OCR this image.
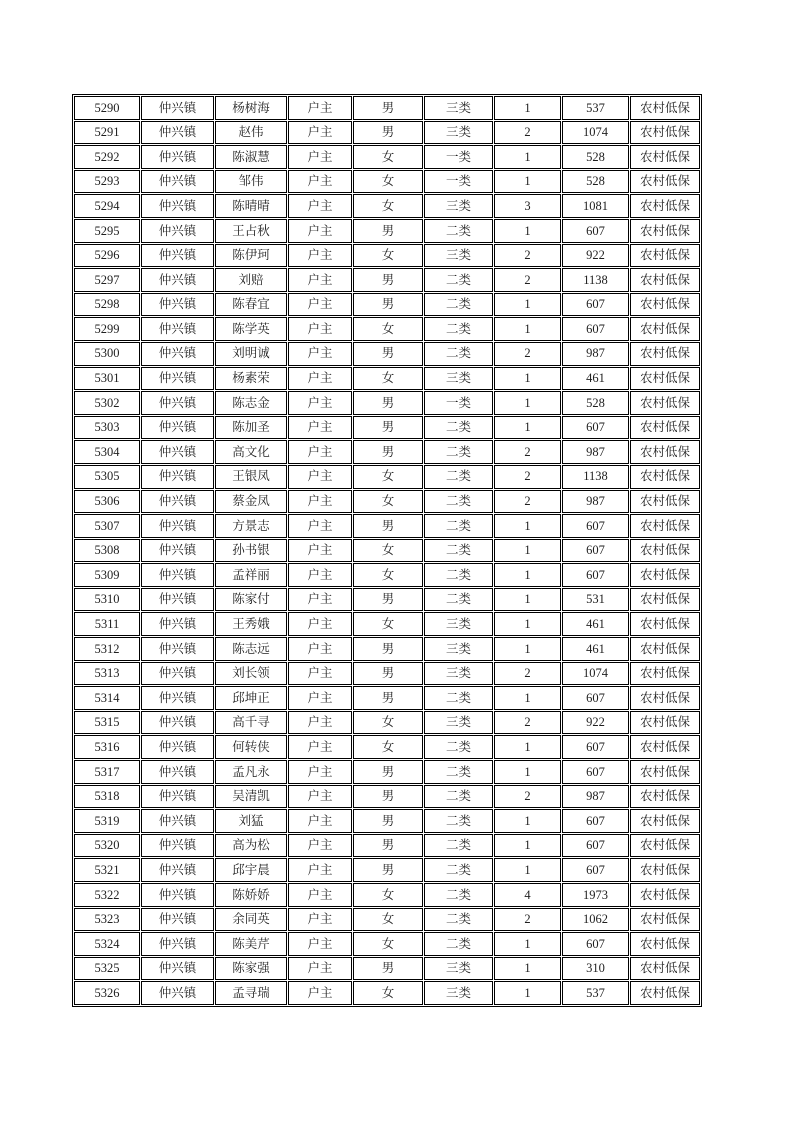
5290	仲兴镇	杨树海	户主	男	三类	1	537	农村低保
5291	仲兴镇	赵伟	户主	男	三类	2	1074	农村低保
5292	仲兴镇	陈淑慧	户主	女	一类	1	528	农村低保
5293	仲兴镇	邹伟	户主	女	一类	1	528	农村低保
5294	仲兴镇	陈晴晴	户主	女	三类	3	1081	农村低保
5295	仲兴镇	王占秋	户主	男	二类	1	607	农村低保
5296	仲兴镇	陈伊珂	户主	女	三类	2	922	农村低保
5297	仲兴镇	刘赔	户主	男	二类	2	1138	农村低保
5298	仲兴镇	陈春宜	户主	男	二类	1	607	农村低保
5299	仲兴镇	陈学英	户主	女	二类	1	607	农村低保
5300	仲兴镇	刘明诚	户主	男	二类	2	987	农村低保
5301	仲兴镇	杨素荣	户主	女	三类	1	461	农村低保
5302	仲兴镇	陈志金	户主	男	一类	1	528	农村低保
5303	仲兴镇	陈加圣	户主	男	二类	1	607	农村低保
5304	仲兴镇	高文化	户主	男	二类	2	987	农村低保
5305	仲兴镇	王银凤	户主	女	二类	2	1138	农村低保
5306	仲兴镇	蔡金凤	户主	女	二类	2	987	农村低保
5307	仲兴镇	方景志	户主	男	二类	1	607	农村低保
5308	仲兴镇	孙书银	户主	女	二类	1	607	农村低保
5309	仲兴镇	孟祥丽	户主	女	二类	1	607	农村低保
5310	仲兴镇	陈家付	户主	男	二类	1	531	农村低保
5311	仲兴镇	王秀娥	户主	女	三类	1	461	农村低保
5312	仲兴镇	陈志远	户主	男	三类	1	461	农村低保
5313	仲兴镇	刘长领	户主	男	三类	2	1074	农村低保
5314	仲兴镇	邱坤正	户主	男	二类	1	607	农村低保
5315	仲兴镇	高千寻	户主	女	三类	2	922	农村低保
5316	仲兴镇	何转侠	户主	女	二类	1	607	农村低保
5317	仲兴镇	孟凡永	户主	男	二类	1	607	农村低保
5318	仲兴镇	吴清凯	户主	男	二类	2	987	农村低保
5319	仲兴镇	刘猛	户主	男	二类	1	607	农村低保
5320	仲兴镇	高为松	户主	男	二类	1	607	农村低保
5321	仲兴镇	邱宇晨	户主	男	二类	1	607	农村低保
5322	仲兴镇	陈娇娇	户主	女	二类	4	1973	农村低保
5323	仲兴镇	余同英	户主	女	二类	2	1062	农村低保
5324	仲兴镇	陈美芹	户主	女	二类	1	607	农村低保
5325	仲兴镇	陈家强	户主	男	三类	1	310	农村低保
5326	仲兴镇	孟寻瑞	户主	女	三类	1	537	农村低保
